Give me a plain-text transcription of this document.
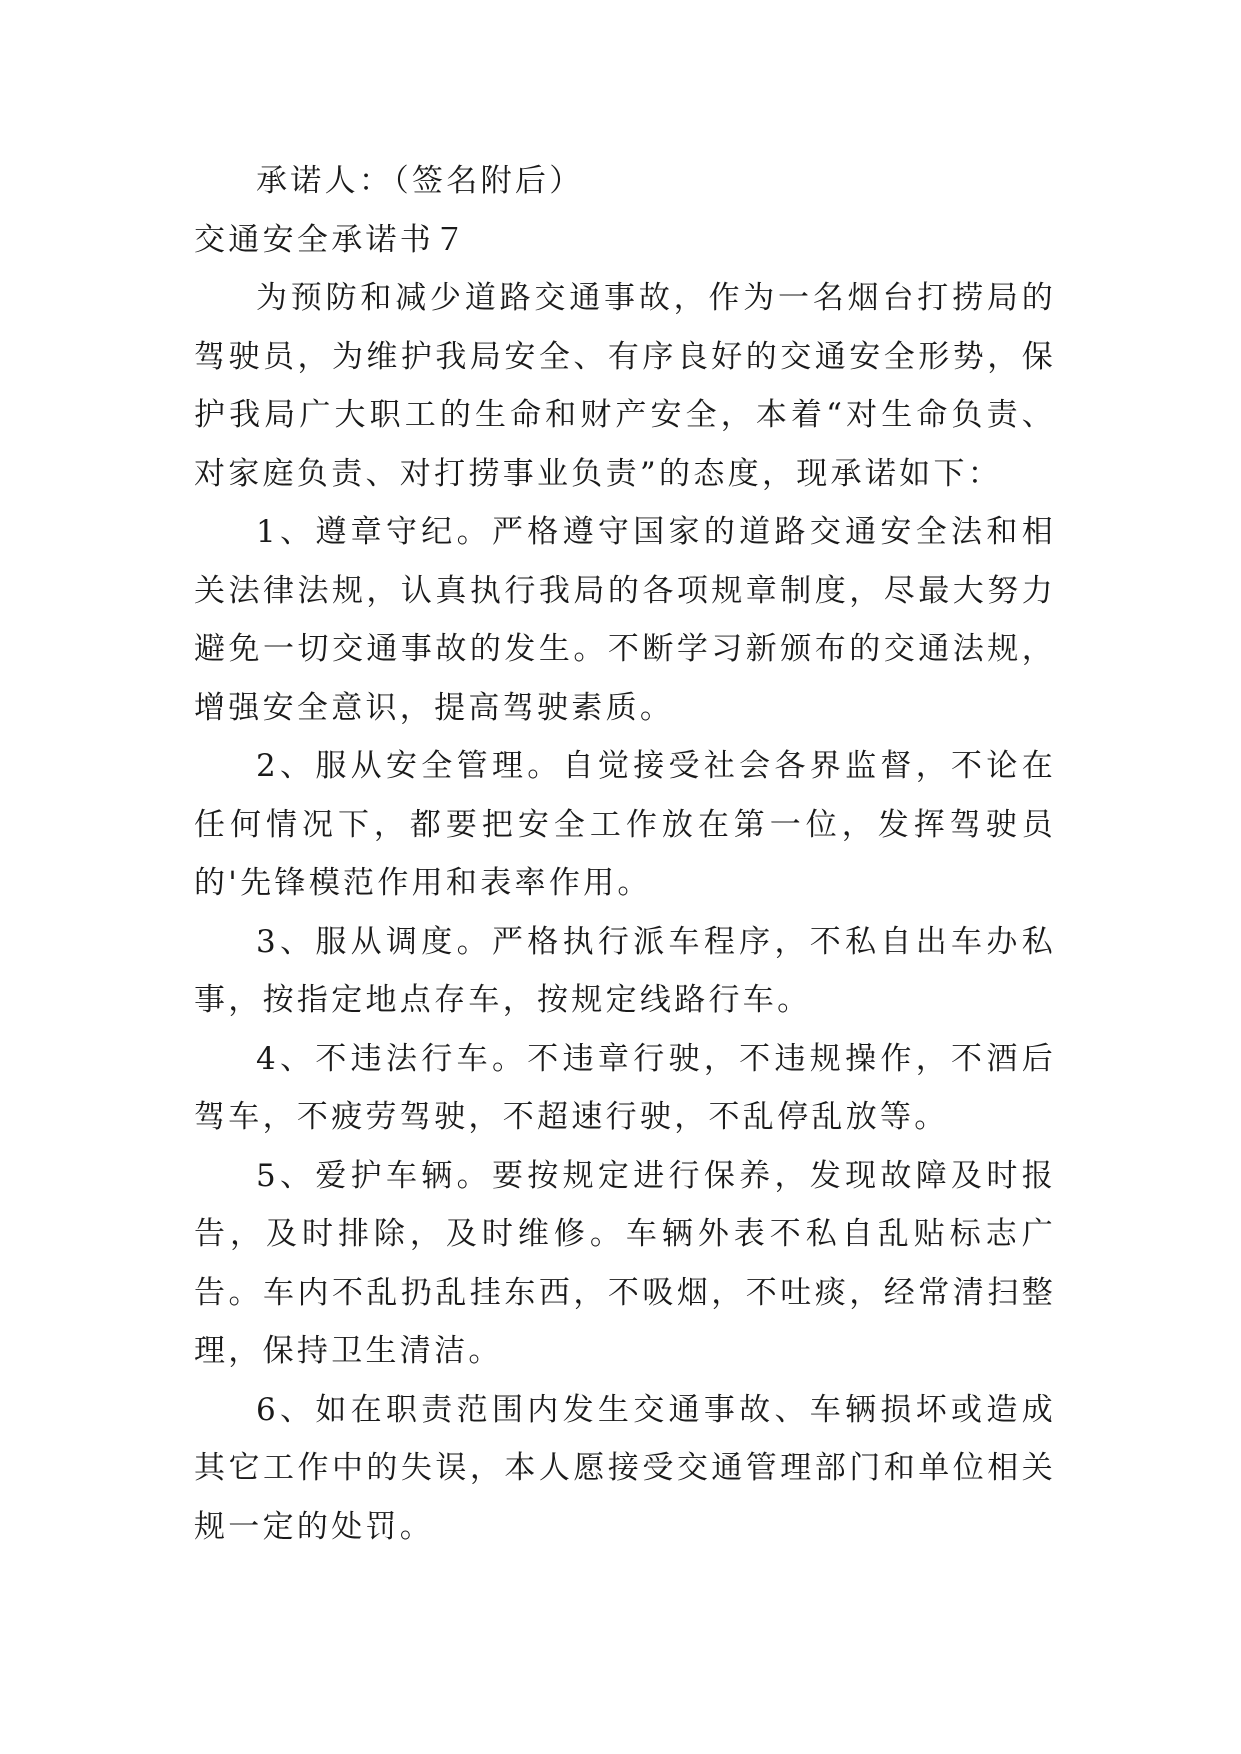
承诺人：（签名附后）

交通安全承诺书７

为预防和减少道路交通事故，作为一名烟台打捞局的驾驶员，为维护我局安全、有序良好的交通安全形势，保护我局广大职工的生命和财产安全，本着“对生命负责、对家庭负责、对打捞事业负责”的态度，现承诺如下：

1、遵章守纪。严格遵守国家的道路交通安全法和相关法律法规，认真执行我局的各项规章制度，尽最大努力避免一切交通事故的发生。不断学习新颁布的交通法规，增强安全意识，提高驾驶素质。

2、服从安全管理。自觉接受社会各界监督，不论在任何情况下，都要把安全工作放在第一位，发挥驾驶员的'先锋模范作用和表率作用。

3、服从调度。严格执行派车程序，不私自出车办私事，按指定地点存车，按规定线路行车。

4、不违法行车。不违章行驶，不违规操作，不酒后驾车，不疲劳驾驶，不超速行驶，不乱停乱放等。

5、爱护车辆。要按规定进行保养，发现故障及时报告，及时排除，及时维修。车辆外表不私自乱贴标志广告。车内不乱扔乱挂东西，不吸烟，不吐痰，经常清扫整理，保持卫生清洁。

6、如在职责范围内发生交通事故、车辆损坏或造成其它工作中的失误，本人愿接受交通管理部门和单位相关规一定的处罚。
